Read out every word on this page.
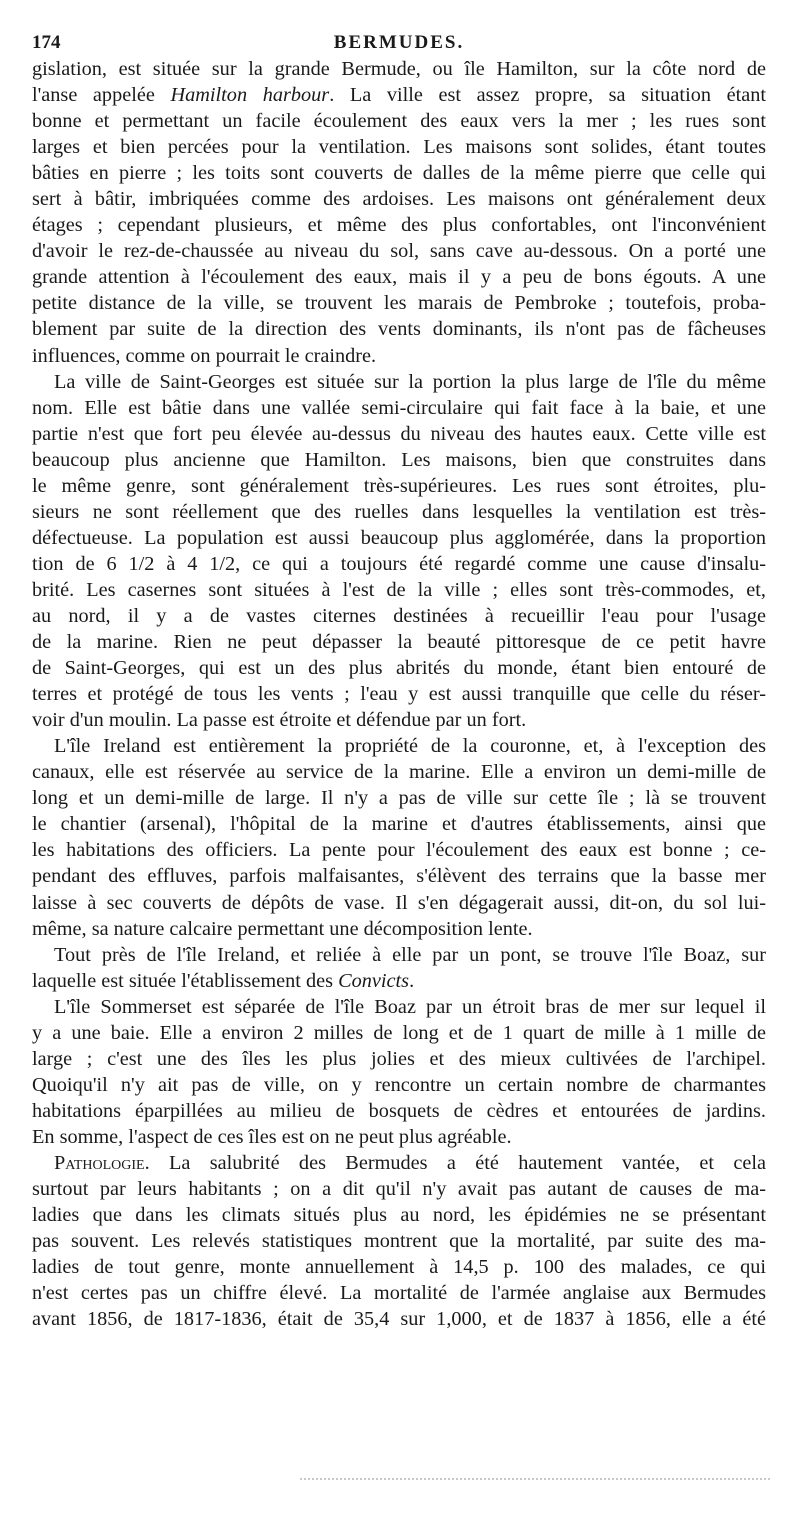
174	BERMUDES.

gislation, est située sur la grande Bermude, ou île Hamilton, sur la côte nord de
l'anse appelée Hamilton harbour. La ville est assez propre, sa situation étant
bonne et permettant un facile écoulement des eaux vers la mer ; les rues sont
larges et bien percées pour la ventilation. Les maisons sont solides, étant toutes
bâties en pierre ; les toits sont couverts de dalles de la même pierre que celle qui
sert à bâtir, imbriquées comme des ardoises. Les maisons ont généralement deux
étages ; cependant plusieurs, et même des plus confortables, ont l'inconvénient
d'avoir le rez-de-chaussée au niveau du sol, sans cave au-dessous. On a porté une
grande attention à l'écoulement des eaux, mais il y a peu de bons égouts. A une
petite distance de la ville, se trouvent les marais de Pembroke ; toutefois, proba-
blement par suite de la direction des vents dominants, ils n'ont pas de fâcheuses
influences, comme on pourrait le craindre.

La ville de Saint-Georges est située sur la portion la plus large de l'île du même
nom. Elle est bâtie dans une vallée semi-circulaire qui fait face à la baie, et une
partie n'est que fort peu élevée au-dessus du niveau des hautes eaux. Cette ville est
beaucoup plus ancienne que Hamilton. Les maisons, bien que construites dans
le même genre, sont généralement très-supérieures. Les rues sont étroites, plu-
sieurs ne sont réellement que des ruelles dans lesquelles la ventilation est très-
défectueuse. La population est aussi beaucoup plus agglomérée, dans la proportion
tion de 6 1/2 à 4 1/2, ce qui a toujours été regardé comme une cause d'insalu-
brité. Les casernes sont situées à l'est de la ville ; elles sont très-commodes, et,
au nord, il y a de vastes citernes destinées à recueillir l'eau pour l'usage
de la marine. Rien ne peut dépasser la beauté pittoresque de ce petit havre
de Saint-Georges, qui est un des plus abrités du monde, étant bien entouré de
terres et protégé de tous les vents ; l'eau y est aussi tranquille que celle du réser-
voir d'un moulin. La passe est étroite et défendue par un fort.

L'île Ireland est entièrement la propriété de la couronne, et, à l'exception des
canaux, elle est réservée au service de la marine. Elle a environ un demi-mille de
long et un demi-mille de large. Il n'y a pas de ville sur cette île ; là se trouvent
le chantier (arsenal), l'hôpital de la marine et d'autres établissements, ainsi que
les habitations des officiers. La pente pour l'écoulement des eaux est bonne ; ce-
pendant des effluves, parfois malfaisantes, s'élèvent des terrains que la basse mer
laisse à sec couverts de dépôts de vase. Il s'en dégagerait aussi, dit-on, du sol lui-
même, sa nature calcaire permettant une décomposition lente.

Tout près de l'île Ireland, et reliée à elle par un pont, se trouve l'île Boaz, sur
laquelle est située l'établissement des Convicts.

L'île Sommerset est séparée de l'île Boaz par un étroit bras de mer sur lequel il
y a une baie. Elle a environ 2 milles de long et de 1 quart de mille à 1 mille de
large ; c'est une des îles les plus jolies et des mieux cultivées de l'archipel.
Quoiqu'il n'y ait pas de ville, on y rencontre un certain nombre de charmantes
habitations éparpillées au milieu de bosquets de cèdres et entourées de jardins.
En somme, l'aspect de ces îles est on ne peut plus agréable.

Pathologie. La salubrité des Bermudes a été hautement vantée, et cela
surtout par leurs habitants ; on a dit qu'il n'y avait pas autant de causes de ma-
ladies que dans les climats situés plus au nord, les épidémies ne se présentant
pas souvent. Les relevés statistiques montrent que la mortalité, par suite des ma-
ladies de tout genre, monte annuellement à 14,5 p. 100 des malades, ce qui
n'est certes pas un chiffre élevé. La mortalité de l'armée anglaise aux Bermudes
avant 1856, de 1817-1836, était de 35,4 sur 1,000, et de 1837 à 1856, elle a été
